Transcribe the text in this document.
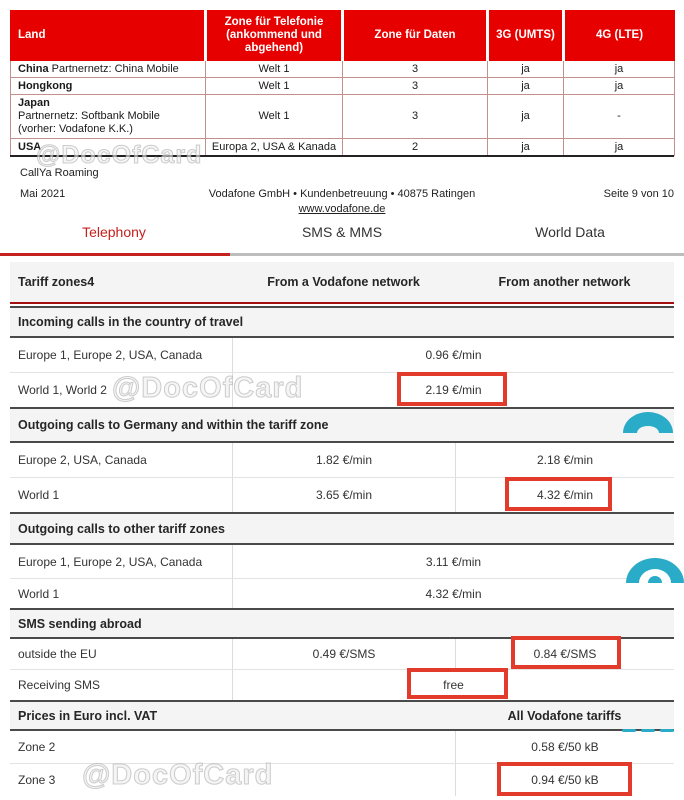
Land	Zone für Telefonie (ankommend und abgehend)	Zone für Daten	3G (UMTS)	4G (LTE)
China Partnernetz: China Mobile	Welt 1	3	ja	ja
Hongkong	Welt 1	3	ja	ja

Japan
Partnernetz: Softbank Mobile
(vorher: Vodafone K.K.)	Welt 1	3	ja	-
USA	Europa 2, USA & Kanada	2	ja	ja
CallYa Roaming
Mai 2021	Vodafone GmbH • Kundenbetreuung • 40875 Ratingen	Seite 9 von 10
www.vodafone.de
Telephony	SMS & MMS	World Data
Tariff zones4	From a Vodafone network	From another network
Incoming calls in the country of travel
Europe 1, Europe 2, USA, Canada	0.96 €/min
World 1, World 2	2.19 €/min
Outgoing calls to Germany and within the tariff zone
Europe 2, USA, Canada	1.82 €/min	2.18 €/min
World 1	3.65 €/min	4.32 €/min
Outgoing calls to other tariff zones
Europe 1, Europe 2, USA, Canada	3.11 €/min
World 1	4.32 €/min
SMS sending abroad
outside the EU	0.49 €/SMS	0.84 €/SMS
Receiving SMS	free
Prices in Euro incl. VAT	All Vodafone tariffs
Zone 2	0.58 €/50 kB
Zone 3	0.94 €/50 kB
@DocOfCard
@DocOfCard
@DocOfCard
